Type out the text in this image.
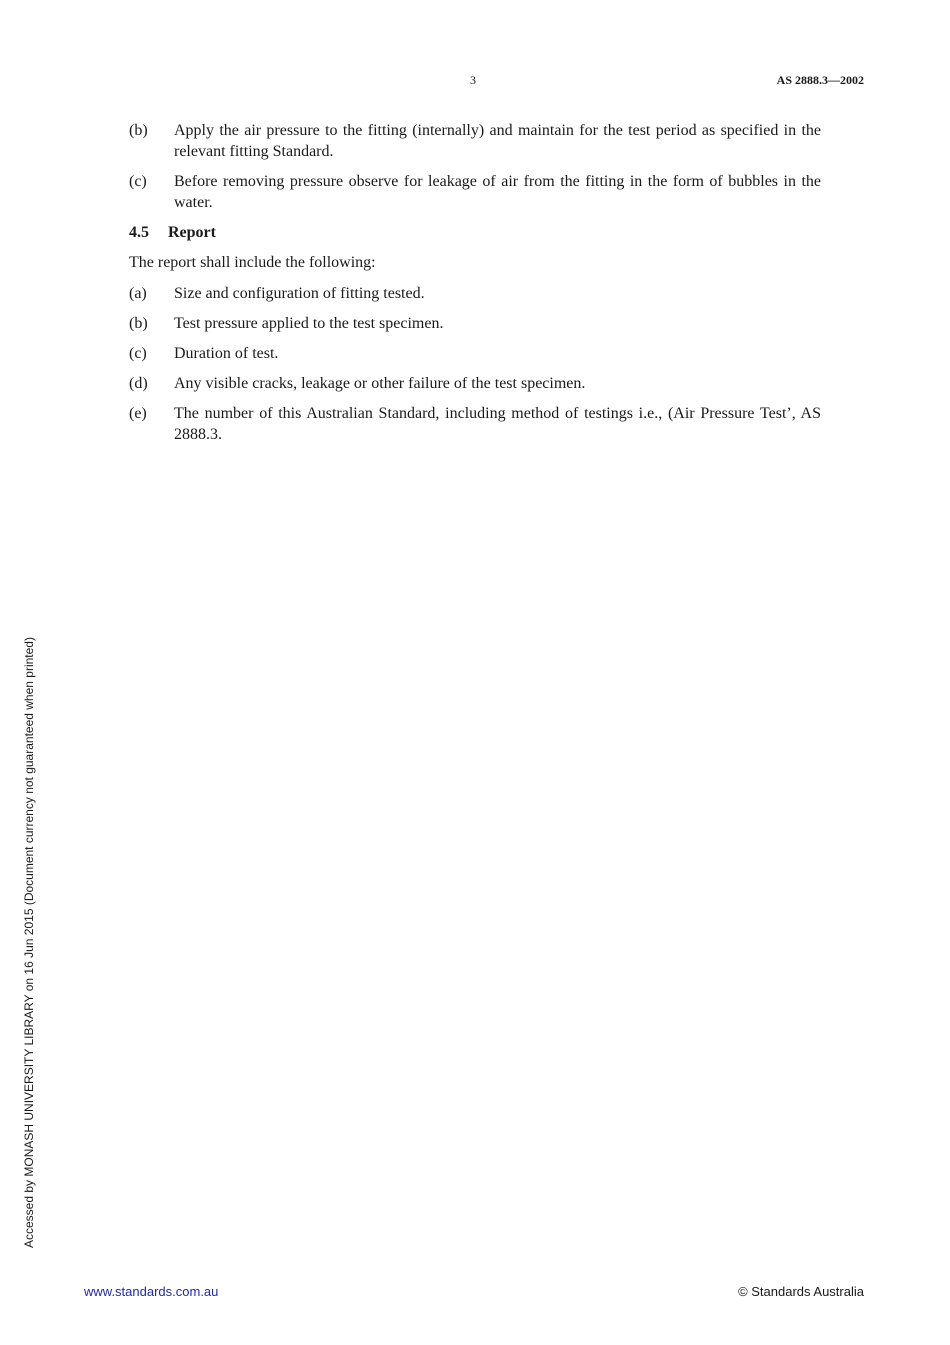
3	AS 2888.3—2002
(b)	Apply the air pressure to the fitting (internally) and maintain for the test period as specified in the relevant fitting Standard.
(c)	Before removing pressure observe for leakage of air from the fitting in the form of bubbles in the water.
4.5 Report
The report shall include the following:
(a)	Size and configuration of fitting tested.
(b)	Test pressure applied to the test specimen.
(c)	Duration of test.
(d)	Any visible cracks, leakage or other failure of the test specimen.
(e)	The number of this Australian Standard, including method of testings i.e., (Air Pressure Test’, AS 2888.3.
Accessed by MONASH UNIVERSITY LIBRARY on 16 Jun 2015 (Document currency not guaranteed when printed)
www.standards.com.au	© Standards Australia
